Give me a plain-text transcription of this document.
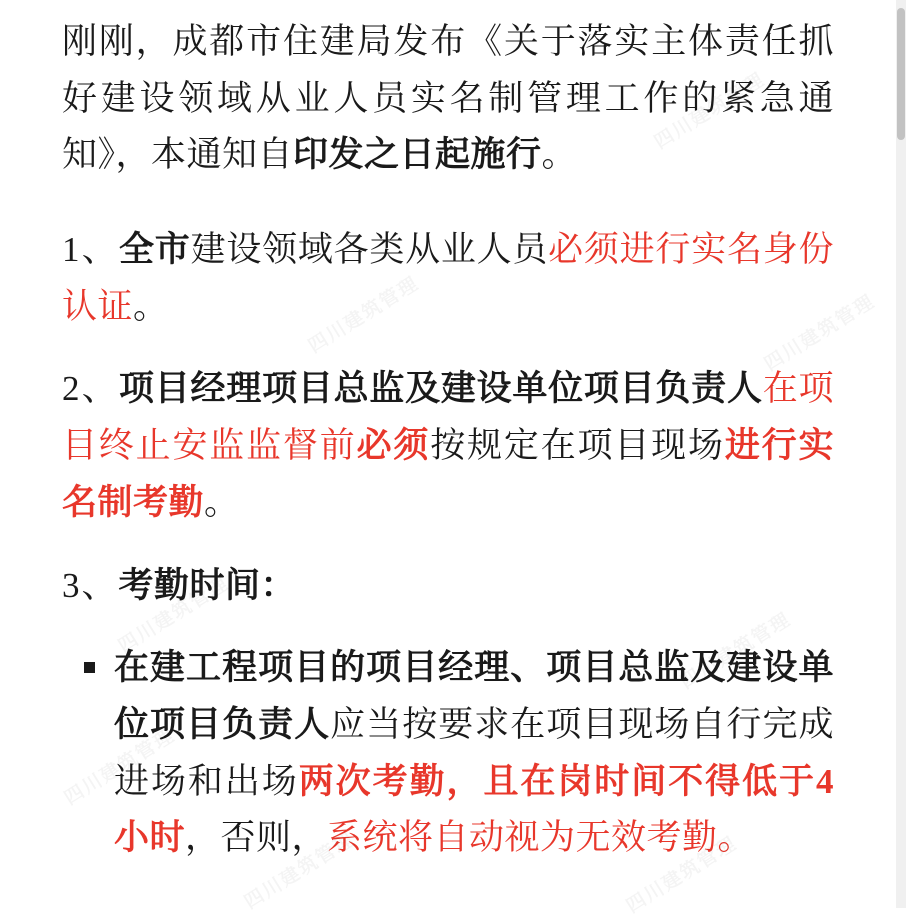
刚刚，成都市住建局发布《关于落实主体责任抓好建设领域从业人员实名制管理工作的紧急通知》，本通知自印发之日起施行。

1、全市建设领域各类从业人员必须进行实名身份认证。

2、项目经理项目总监及建设单位项目负责人在项目终止安监监督前必须按规定在项目现场进行实名制考勤。

3、考勤时间：

在建工程项目的项目经理、项目总监及建设单位项目负责人应当按要求在项目现场自行完成进场和出场两次考勤，且在岗时间不得低于4小时，否则，系统将自动视为无效考勤。
